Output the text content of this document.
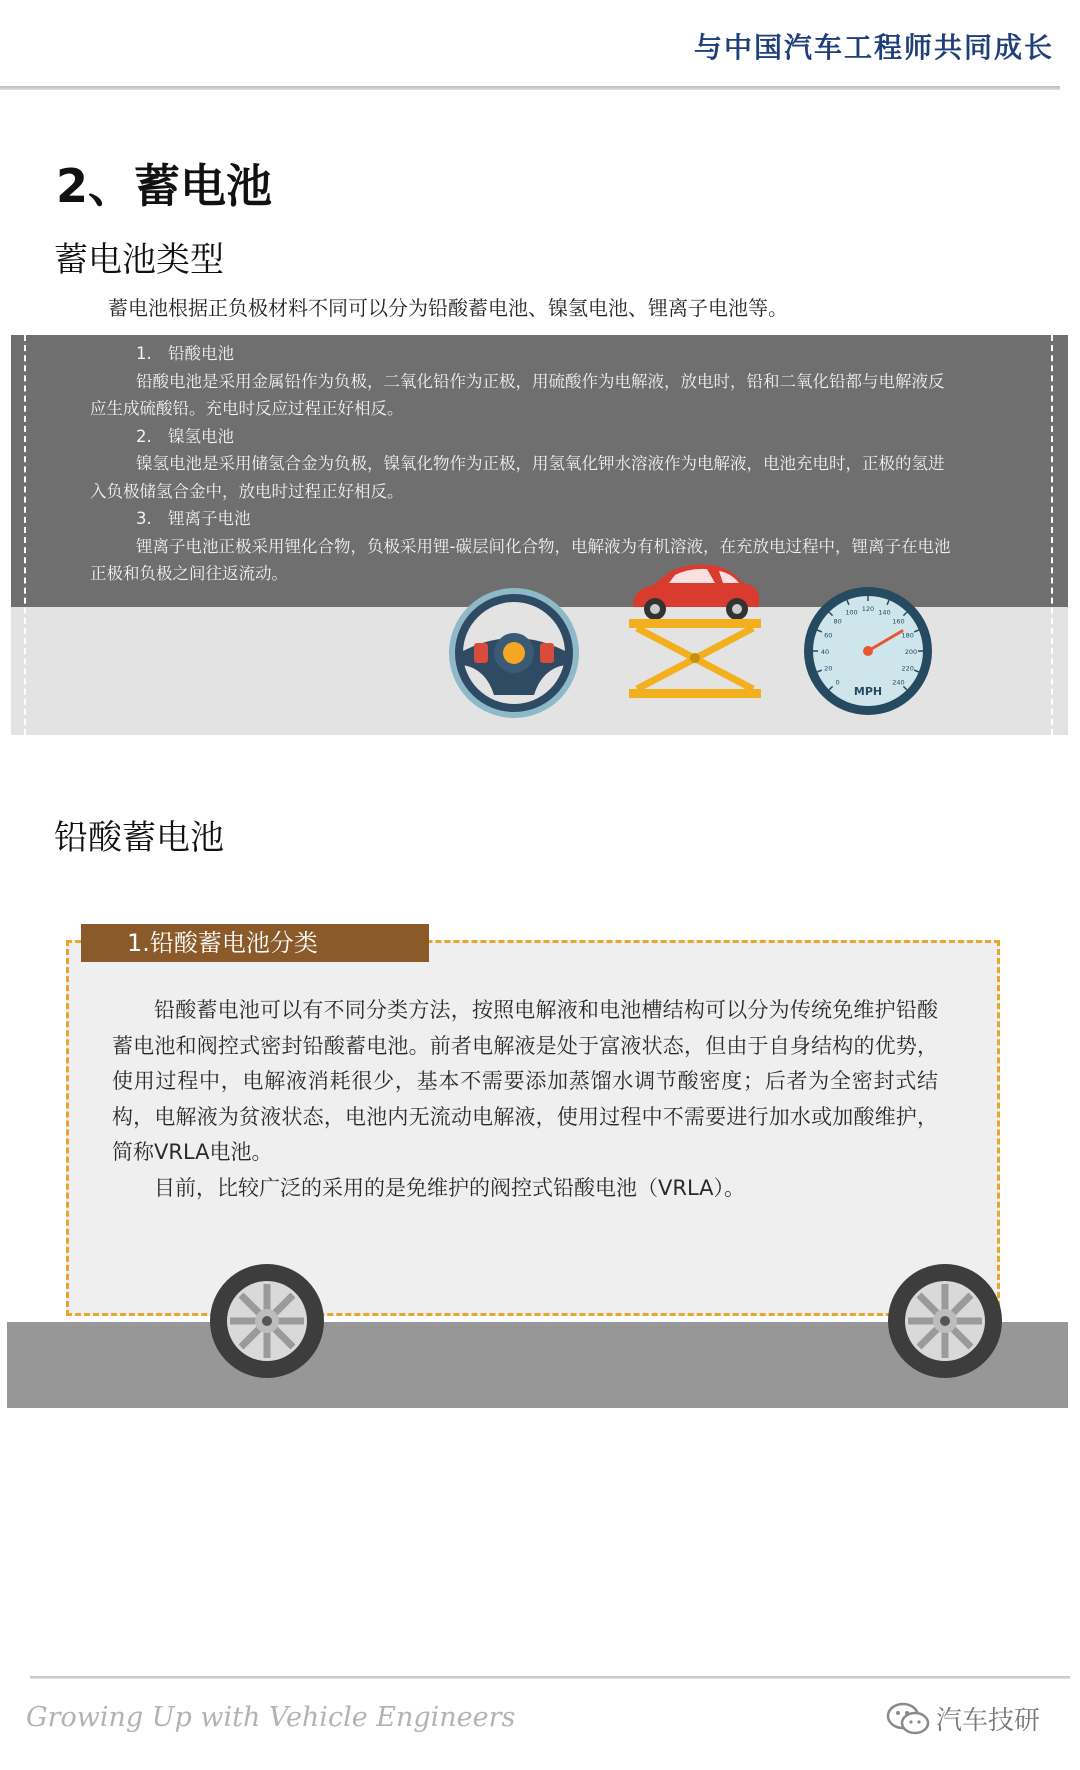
与中国汽车工程师共同成长
2、蓄电池
蓄电池类型
蓄电池根据正负极材料不同可以分为铅酸蓄电池、镍氢电池、锂离子电池等。
1. 铅酸电池
铅酸电池是采用金属铅作为负极，二氧化铅作为正极，用硫酸作为电解液，放电时，铅和二氧化铅都与电解液反
应生成硫酸铅。充电时反应过程正好相反。
2. 镍氢电池
镍氢电池是采用储氢合金为负极，镍氧化物作为正极，用氢氧化钾水溶液作为电解液，电池充电时，正极的氢进
入负极储氢合金中，放电时过程正好相反。
3. 锂离子电池
锂离子电池正极采用锂化合物，负极采用锂-碳层间化合物，电解液为有机溶液，在充放电过程中，锂离子在电池
正极和负极之间往返流动。
0
20
40
60
80
100 120 140
160
180
200
220
240
MPH
铅酸蓄电池
1.铅酸蓄电池分类

铅酸蓄电池可以有不同分类方法，按照电解液和电池槽结构可以分为传统免维护铅酸蓄电池和阀控式密封铅酸蓄电池。前者电解液是处于富液状态，但由于自身结构的优势，使用过程中，电解液消耗很少，基本不需要添加蒸馏水调节酸密度；后者为全密封式结构，电解液为贫液状态，电池内无流动电解液，使用过程中不需要进行加水或加酸维护，简称VRLA电池。

目前，比较广泛的采用的是免维护的阀控式铅酸电池（VRLA）。

Growing Up with Vehicle Engineers	汽车技研
